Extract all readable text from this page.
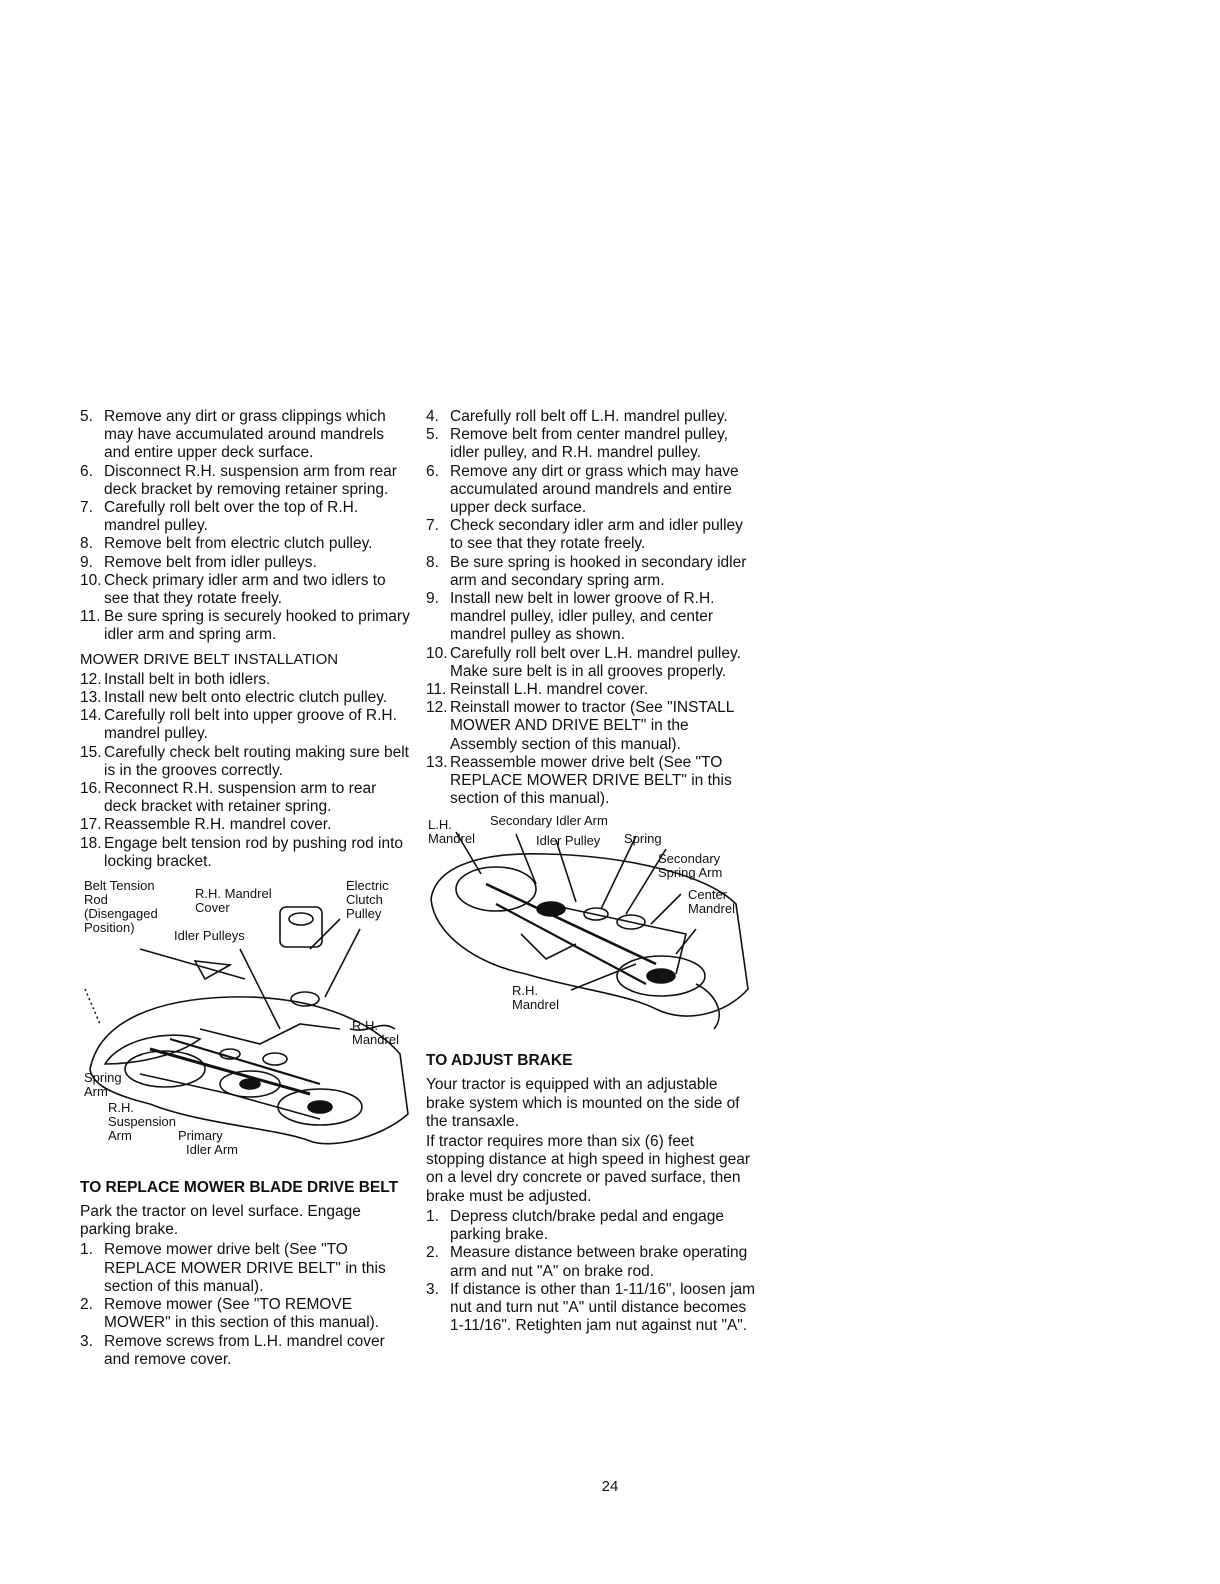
5. Remove any dirt or grass clippings which may have accumulated around mandrels and entire upper deck surface.
6. Disconnect R.H. suspension arm from rear deck bracket by removing retainer spring.
7. Carefully roll belt over the top of R.H. mandrel pulley.
8. Remove belt from electric clutch pulley.
9. Remove belt from idler pulleys.
10. Check primary idler arm and two idlers to see that they rotate freely.
11. Be sure spring is securely hooked to primary idler arm and spring arm.
MOWER DRIVE BELT INSTALLATION
12. Install belt in both idlers.
13. Install new belt onto electric clutch pulley.
14. Carefully roll belt into upper groove of R.H. mandrel pulley.
15. Carefully check belt routing making sure belt is in the grooves correctly.
16. Reconnect R.H. suspension arm to rear deck bracket with retainer spring.
17. Reassemble R.H. mandrel cover.
18. Engage belt tension rod by pushing rod into locking bracket.
Belt Tension
Rod
(Disengaged
Position)
R.H. Mandrel
Cover
Electric
Clutch
Pulley
Idler Pulleys
R.H.
Mandrel
Spring
Arm
R.H.
Suspension
Arm	Primary
Idler Arm
TO REPLACE MOWER BLADE DRIVE BELT

Park the tractor on level surface. Engage parking brake.

1. Remove mower drive belt (See "TO REPLACE MOWER DRIVE BELT" in this section of this manual).
2. Remove mower (See "TO REMOVE MOWER" in this section of this manual).
3. Remove screws from L.H. mandrel cover and remove cover.
4. Carefully roll belt off L.H. mandrel pulley.
5. Remove belt from center mandrel pulley, idler pulley, and R.H. mandrel pulley.
6. Remove any dirt or grass which may have accumulated around mandrels and entire upper deck surface.
7. Check secondary idler arm and idler pulley to see that they rotate freely.
8. Be sure spring is hooked in secondary idler arm and secondary spring arm.
9. Install new belt in lower groove of R.H. mandrel pulley, idler pulley, and center mandrel pulley as shown.
10. Carefully roll belt over L.H. mandrel pulley. Make sure belt is in all grooves properly.
11. Reinstall L.H. mandrel cover.
12. Reinstall mower to tractor (See "INSTALL MOWER AND DRIVE BELT" in the Assembly section of this manual).
13. Reassemble mower drive belt (See "TO REPLACE MOWER DRIVE BELT" in this section of this manual).
L.H.
Mandrel
Secondary Idler Arm
Idler Pulley Spring
Secondary
Spring Arm
Center
Mandrel
R.H.
Mandrel
TO ADJUST BRAKE

Your tractor is equipped with an adjustable brake system which is mounted on the side of the transaxle.

If tractor requires more than six (6) feet stopping distance at high speed in highest gear on a level dry concrete or paved surface, then brake must be adjusted.

1. Depress clutch/brake pedal and engage parking brake.
2. Measure distance between brake operating arm and nut "A" on brake rod.
3. If distance is other than 1-11/16", loosen jam nut and turn nut "A" until distance becomes 1-11/16". Retighten jam nut against nut "A".
24
